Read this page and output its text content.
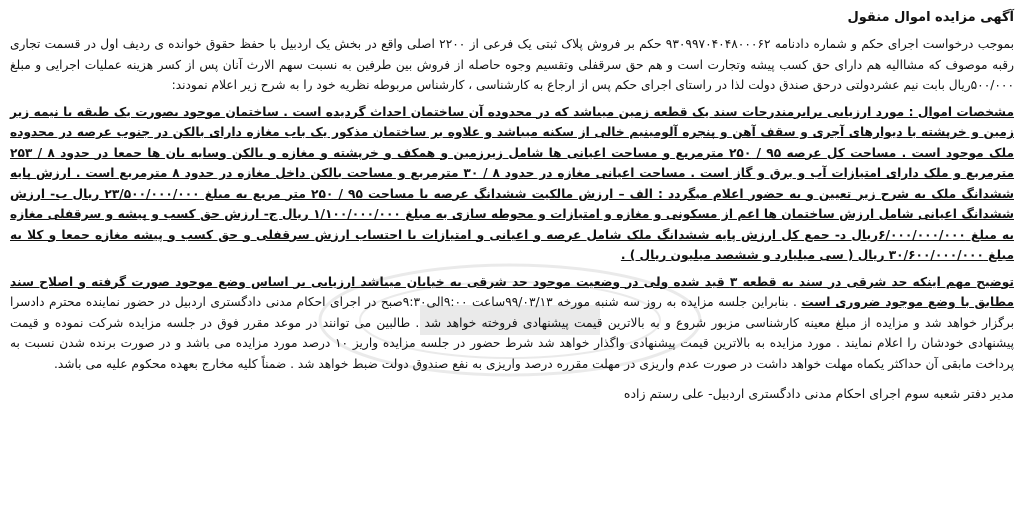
آگهی مزایده اموال منقول

بموجب درخواست اجرای حکم و شماره دادنامه ۹۳۰۹۹۷۰۴۰۴۸۰۰۰۶۲ حکم بر فروش پلاک ثبتی یک فرعی از ۲۲۰۰ اصلی واقع در بخش یک اردبیل با حفظ حقوق خوانده ی ردیف اول در قسمت تجاری رقبه موصوف که مشاالیه هم دارای حق کسب پیشه وتجارت است و هم حق سرقفلی وتقسیم وجوه حاصله از فروش بین طرفین به نسبت سهم الارث آنان پس از کسر هزینه عملیات اجرایی و مبلغ ۵۰۰/۰۰۰ریال بابت نیم عشردولتی درحق صندق دولت لذا در راستای اجرای حکم پس از ارجاع به کارشناسی ، کارشناس مربوطه نظریه خود را به شرح زیر اعلام نمودند:

مشخصات اموال : مورد ارزیابی برابرمندرجات سند یک قطعه زمین میباشد که در محدوده آن ساختمان احداث گردیده است . ساختمان موجود بصورت یک طبقه با نیمه زیر زمین و خرپشته با دیوارهای آجری و سقف آهن و پنجره آلومینیم خالی از سکنه میباشد و علاوه بر ساختمان مذکور یک باب مغازه دارای بالکن در جنوب عرصه در محدوده ملک موجود است . مساحت کل عرصه ۹۵ / ۲۵۰ مترمربع و مساحت اعیانی ها شامل زیرزمین و همکف و خرپشته و مغازه و بالکن وسایه بان ها جمعا در حدود ۸ / ۲۵۳ مترمربع و ملک دارای امتیازات آب و برق و گاز است . مساحت اعیانی مغازه در حدود ۸ / ۳۰ مترمربع و مساحت بالکن داخل مغازه در حدود ۸ مترمربع است . ارزش پایه ششدانگ ملک به شرح زیر تعیین و به حضور اعلام میگردد : الف – ارزش مالکیت ششدانگ عرصه با مساحت ۹۵ / ۲۵۰ متر مربع به مبلغ ۲۳/۵۰۰/۰۰۰/۰۰۰ ریال ب- ارزش ششدانگ اعیانی شامل ارزش ساختمان ها اعم از مسکونی و مغازه و امتیازات و محوطه سازی به مبلغ ۱/۱۰۰/۰۰۰/۰۰۰ ریال ج- ارزش حق کسب و پیشه و سرقفلی مغازه به مبلغ ۶/۰۰۰/۰۰۰/۰۰۰ریال د- جمع کل ارزش پایه ششدانگ ملک شامل عرصه و اعیانی و امتیازات با احتساب ارزش سرقفلی و حق کسب و پیشه مغازه جمعا و کلا به مبلغ ۳۰/۶۰۰/۰۰۰/۰۰۰ ریال ( سی میلیارد و ششصد میلیون ریال ) .

توضیح مهم اینکه حد شرقی در سند به قطعه ۳ قید شده ولی در وضعیت موجود حد شرقی به خیابان میباشد ارزیابی بر اساس وضع موجود صورت گرفته و اصلاح سند مطابق با وضع موجود ضروری است . بنابراین جلسه مزایده به روز سه شنبه مورخه ۹۹/۰۳/۱۳ساعت ۹:۰۰الی۹:۳۰صبح در اجرای احکام مدنی دادگستری اردبیل در حضور نماینده محترم دادسرا برگزار خواهد شد و مزایده از مبلغ معینه کارشناسی مزبور شروع و به بالاترین قیمت پیشنهادی فروخته خواهد شد . طالبین می توانند در موعد مقرر فوق در جلسه مزایده شرکت نموده و قیمت پیشنهادی خودشان را اعلام نمایند . مورد مزایده به بالاترین قیمت پیشنهادی واگذار خواهد شد شرط حضور در جلسه مزایده واریز ۱۰ درصد مورد مزایده می باشد و در صورت برنده شدن نسبت به پرداخت مابقی آن حداکثر یکماه مهلت خواهد داشت در صورت عدم واریزی در مهلت مقرره درصد واریزی به نفع صندوق دولت ضبط خواهد شد . ضمناً کلیه مخارج بعهده محکوم علیه می باشد.

مدیر دفتر شعبه سوم اجرای احکام مدنی دادگستری اردبیل- علی رستم زاده
